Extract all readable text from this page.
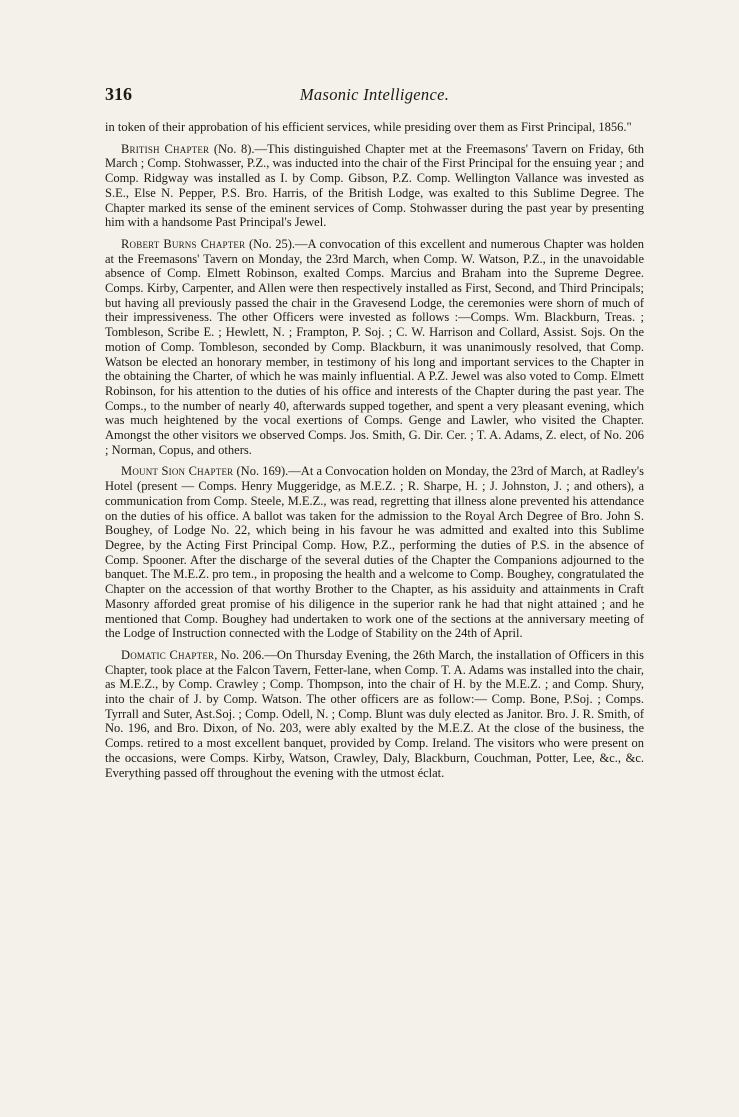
316	Masonic Intelligence.

in token of their approbation of his efficient services, while presiding over them as First Principal, 1856."

British Chapter (No. 8).—This distinguished Chapter met at the Freemasons' Tavern on Friday, 6th March ; Comp. Stohwasser, P.Z., was inducted into the chair of the First Principal for the ensuing year ; and Comp. Ridgway was installed as I. by Comp. Gibson, P.Z. Comp. Wellington Vallance was invested as S.E., Else N. Pepper, P.S. Bro. Harris, of the British Lodge, was exalted to this Sublime Degree. The Chapter marked its sense of the eminent services of Comp. Stohwasser during the past year by presenting him with a handsome Past Principal's Jewel.

Robert Burns Chapter (No. 25).—A convocation of this excellent and numerous Chapter was holden at the Freemasons' Tavern on Monday, the 23rd March, when Comp. W. Watson, P.Z., in the unavoidable absence of Comp. Elmett Robinson, exalted Comps. Marcius and Braham into the Supreme Degree. Comps. Kirby, Carpenter, and Allen were then respectively installed as First, Second, and Third Principals; but having all previously passed the chair in the Gravesend Lodge, the ceremonies were shorn of much of their impressiveness. The other Officers were invested as follows :—Comps. Wm. Blackburn, Treas. ; Tombleson, Scribe E. ; Hewlett, N. ; Frampton, P. Soj. ; C. W. Harrison and Collard, Assist. Sojs. On the motion of Comp. Tombleson, seconded by Comp. Blackburn, it was unanimously resolved, that Comp. Watson be elected an honorary member, in testimony of his long and important services to the Chapter in the obtaining the Charter, of which he was mainly influential. A P.Z. Jewel was also voted to Comp. Elmett Robinson, for his attention to the duties of his office and interests of the Chapter during the past year. The Comps., to the number of nearly 40, afterwards supped together, and spent a very pleasant evening, which was much heightened by the vocal exertions of Comps. Genge and Lawler, who visited the Chapter. Amongst the other visitors we observed Comps. Jos. Smith, G. Dir. Cer. ; T. A. Adams, Z. elect, of No. 206 ; Norman, Copus, and others.

Mount Sion Chapter (No. 169).—At a Convocation holden on Monday, the 23rd of March, at Radley's Hotel (present — Comps. Henry Muggeridge, as M.E.Z. ; R. Sharpe, H. ; J. Johnston, J. ; and others), a communication from Comp. Steele, M.E.Z., was read, regretting that illness alone prevented his attendance on the duties of his office. A ballot was taken for the admission to the Royal Arch Degree of Bro. John S. Boughey, of Lodge No. 22, which being in his favour he was admitted and exalted into this Sublime Degree, by the Acting First Principal Comp. How, P.Z., performing the duties of P.S. in the absence of Comp. Spooner. After the discharge of the several duties of the Chapter the Companions adjourned to the banquet. The M.E.Z. pro tem., in proposing the health and a welcome to Comp. Boughey, congratulated the Chapter on the accession of that worthy Brother to the Chapter, as his assiduity and attainments in Craft Masonry afforded great promise of his diligence in the superior rank he had that night attained ; and he mentioned that Comp. Boughey had undertaken to work one of the sections at the anniversary meeting of the Lodge of Instruction connected with the Lodge of Stability on the 24th of April.

Domatic Chapter, No. 206.—On Thursday Evening, the 26th March, the installation of Officers in this Chapter, took place at the Falcon Tavern, Fetter-lane, when Comp. T. A. Adams was installed into the chair, as M.E.Z., by Comp. Crawley ; Comp. Thompson, into the chair of H. by the M.E.Z. ; and Comp. Shury, into the chair of J. by Comp. Watson. The other officers are as follow:— Comp. Bone, P.Soj. ; Comps. Tyrrall and Suter, Ast.Soj. ; Comp. Odell, N. ; Comp. Blunt was duly elected as Janitor. Bro. J. R. Smith, of No. 196, and Bro. Dixon, of No. 203, were ably exalted by the M.E.Z. At the close of the business, the Comps. retired to a most excellent banquet, provided by Comp. Ireland. The visitors who were present on the occasions, were Comps. Kirby, Watson, Crawley, Daly, Blackburn, Couchman, Potter, Lee, &c., &c. Everything passed off throughout the evening with the utmost éclat.
